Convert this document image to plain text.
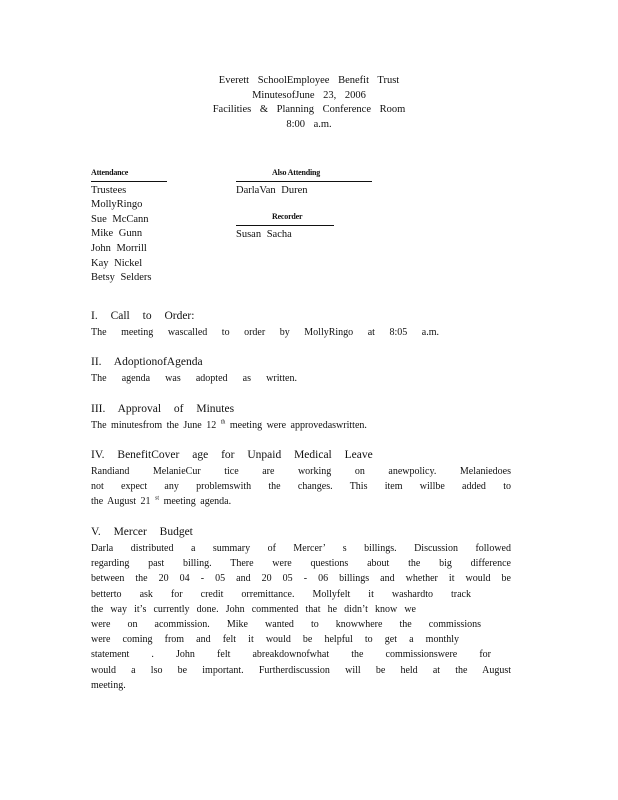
Everett SchoolEmployee Benefit Trust
MinutesofJune 23, 2006
Facilities & Planning Conference Room
8:00 a.m.
Attendance
Trustees
MollyRingo
Sue McCann
Mike Gunn
John Morrill
Kay Nickel
Betsy Selders
Also Attending
DarlaVan Duren
Recorder
Susan Sacha
I. Call to Order:
The meeting wascalled to order by MollyRingo at 8:05 a.m.
II. AdoptionofAgenda
The agenda was adopted as written.
III. Approval of Minutes
The minutesfrom the June 12 $^{th}$ meeting were approvedaswritten.
IV. BenefitCover age for Unpaid Medical Leave
Randiand MelanieCur tice are working on anewpolicy. Melaniedoes
not expect any problemswith the changes. This item willbe added to
the August 21 $^{st}$ meeting agenda.
V. Mercer Budget
Darla distributed a summary of Mercer’ s billings. Discussion followed
regarding past billing. There were questions about the big difference
between the 20 04 - 05 and 20 05 - 06 billings and whether it would be
betterto ask for credit orremittance. Mollyfelt it washardto track
the way it’s currently done. John commented that he didn’t know we
were on acommission. Mike wanted to knowwhere the commissions
were coming from and felt it would be helpful to get a monthly
statement . John felt abreakdownofwhat the commissionswere for
would a lso be important. Furtherdiscussion will be held at the August
meeting.
